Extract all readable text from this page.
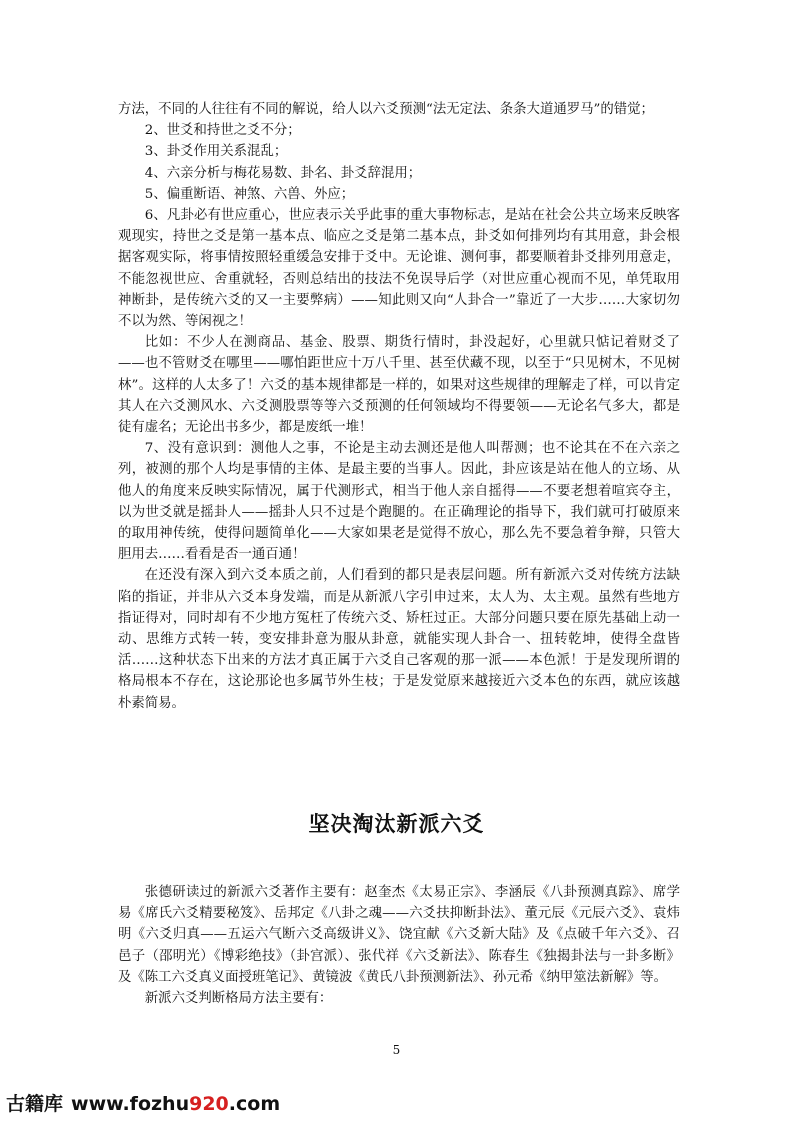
方法，不同的人往往有不同的解说，给人以六爻预测“法无定法、条条大道通罗马”的错觉；

2、世爻和持世之爻不分；

3、卦爻作用关系混乱；

4、六亲分析与梅花易数、卦名、卦爻辞混用；

5、偏重断语、神煞、六兽、外应；

6、凡卦必有世应重心，世应表示关乎此事的重大事物标志，是站在社会公共立场来反映客观现实，持世之爻是第一基本点、临应之爻是第二基本点，卦爻如何排列均有其用意，卦会根据客观实际，将事情按照轻重缓急安排于爻中。无论谁、测何事，都要顺着卦爻排列用意走，不能忽视世应、舍重就轻，否则总结出的技法不免误导后学（对世应重心视而不见，单凭取用神断卦，是传统六爻的又一主要弊病）——知此则又向“人卦合一”靠近了一大步……大家切勿不以为然、等闲视之！

比如：不少人在测商品、基金、股票、期货行情时，卦没起好，心里就只惦记着财爻了——也不管财爻在哪里——哪怕距世应十万八千里、甚至伏藏不现，以至于“只见树木，不见树林”。这样的人太多了！六爻的基本规律都是一样的，如果对这些规律的理解走了样，可以肯定其人在六爻测风水、六爻测股票等等六爻预测的任何领域均不得要领——无论名气多大，都是徒有虚名；无论出书多少，都是废纸一堆！

7、没有意识到：测他人之事，不论是主动去测还是他人叫帮测；也不论其在不在六亲之列，被测的那个人均是事情的主体、是最主要的当事人。因此，卦应该是站在他人的立场、从他人的角度来反映实际情况，属于代测形式，相当于他人亲自摇得——不要老想着喧宾夺主，以为世爻就是摇卦人——摇卦人只不过是个跑腿的。在正确理论的指导下，我们就可打破原来的取用神传统，使得问题简单化——大家如果老是觉得不放心，那么先不要急着争辩，只管大胆用去……看看是否一通百通！

在还没有深入到六爻本质之前，人们看到的都只是表层问题。所有新派六爻对传统方法缺陷的指证，并非从六爻本身发端，而是从新派八字引申过来，太人为、太主观。虽然有些地方指证得对，同时却有不少地方冤枉了传统六爻、矫枉过正。大部分问题只要在原先基础上动一动、思维方式转一转，变安排卦意为服从卦意，就能实现人卦合一、扭转乾坤，使得全盘皆活……这种状态下出来的方法才真正属于六爻自己客观的那一派——本色派！于是发现所谓的格局根本不存在，这论那论也多属节外生枝；于是发觉原来越接近六爻本色的东西，就应该越朴素简易。

坚决淘汰新派六爻

张德研读过的新派六爻著作主要有：赵奎杰《太易正宗》、李涵辰《八卦预测真踪》、席学易《席氏六爻精要秘笈》、岳邦定《八卦之魂——六爻扶抑断卦法》、董元辰《元辰六爻》、袁炜明《六爻归真——五运六气断六爻高级讲义》、饶宜献《六爻新大陆》及《点破千年六爻》、召邑子（邵明光）《博彩绝技》（卦宫派）、张代祥《六爻新法》、陈春生《独揭卦法与一卦多断》及《陈工六爻真义面授班笔记》、黄镜波《黄氏八卦预测新法》、孙元希《纳甲筮法新解》等。

新派六爻判断格局方法主要有：

5
古籍库 www.fozhu920.com
